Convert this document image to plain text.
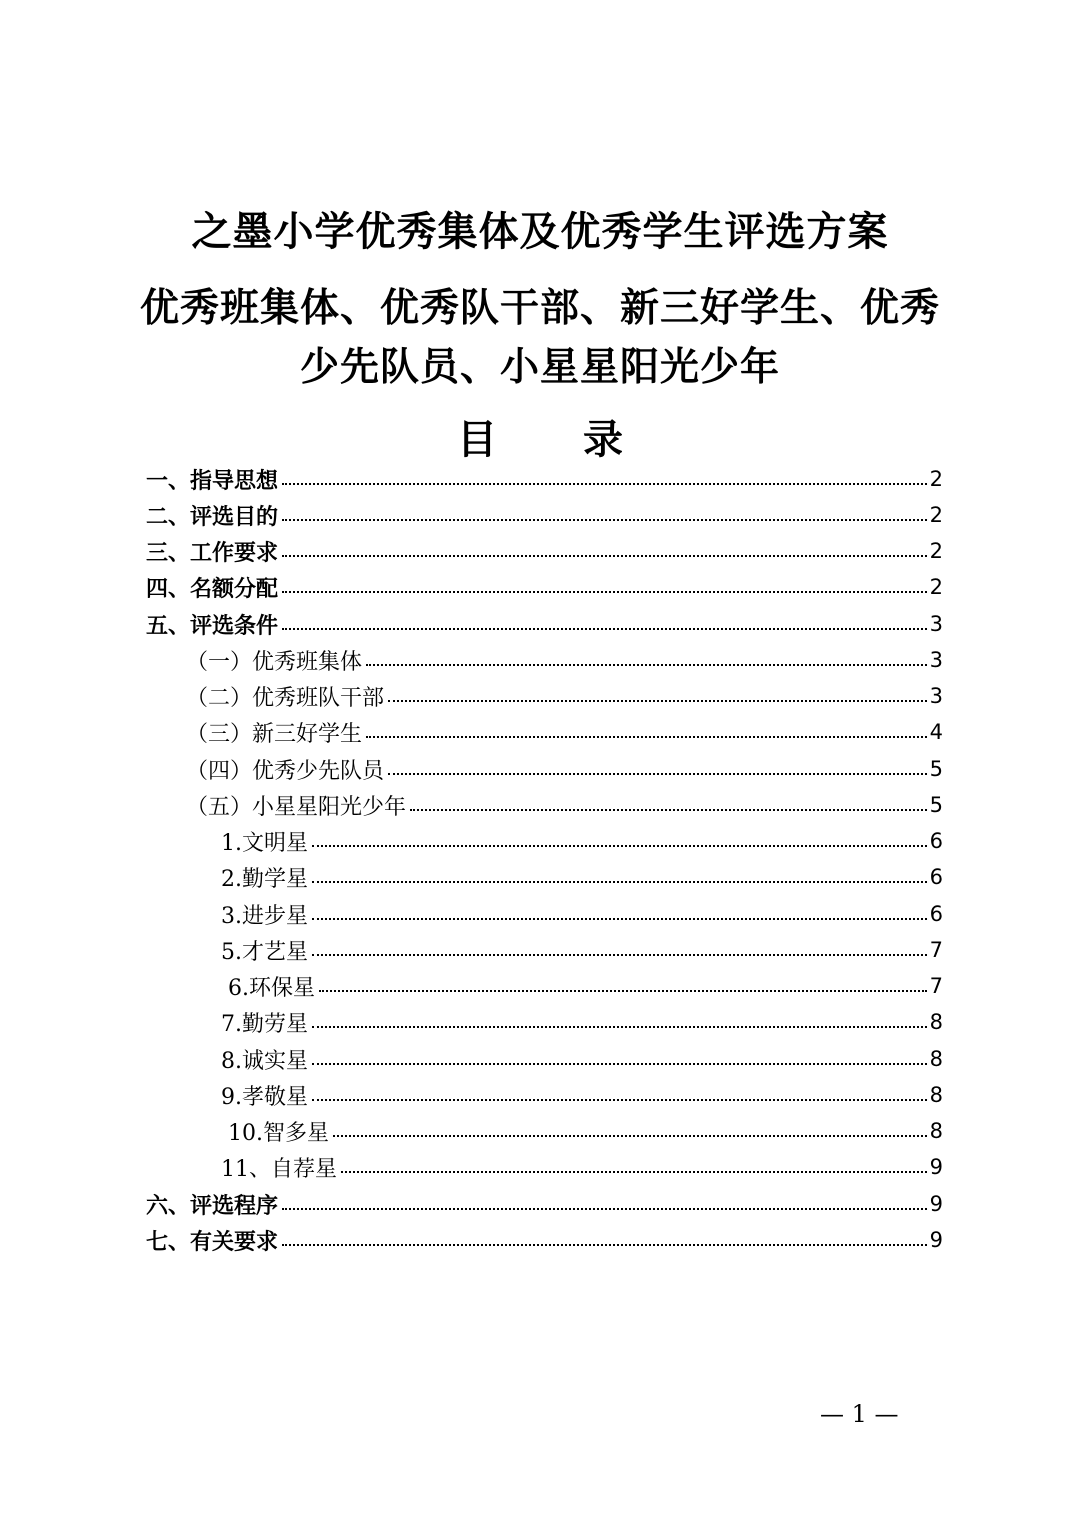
之墨小学优秀集体及优秀学生评选方案
优秀班集体、优秀队干部、新三好学生、优秀
少先队员、小星星阳光少年
目 录
一、指导思想	2
二、评选目的	2
三、工作要求	2
四、名额分配	2
五、评选条件	3
（一）优秀班集体	3
（二）优秀班队干部	3
（三）新三好学生	4
（四）优秀少先队员	5
（五）小星星阳光少年	5
1.文明星	6
2.勤学星	6
3.进步星	6
5.才艺星	7
6.环保星	7
7.勤劳星	8
8.诚实星	8
9.孝敬星	8
10.智多星	8
11、自荐星	9
六、评选程序	9
七、有关要求	9
— 1 —
